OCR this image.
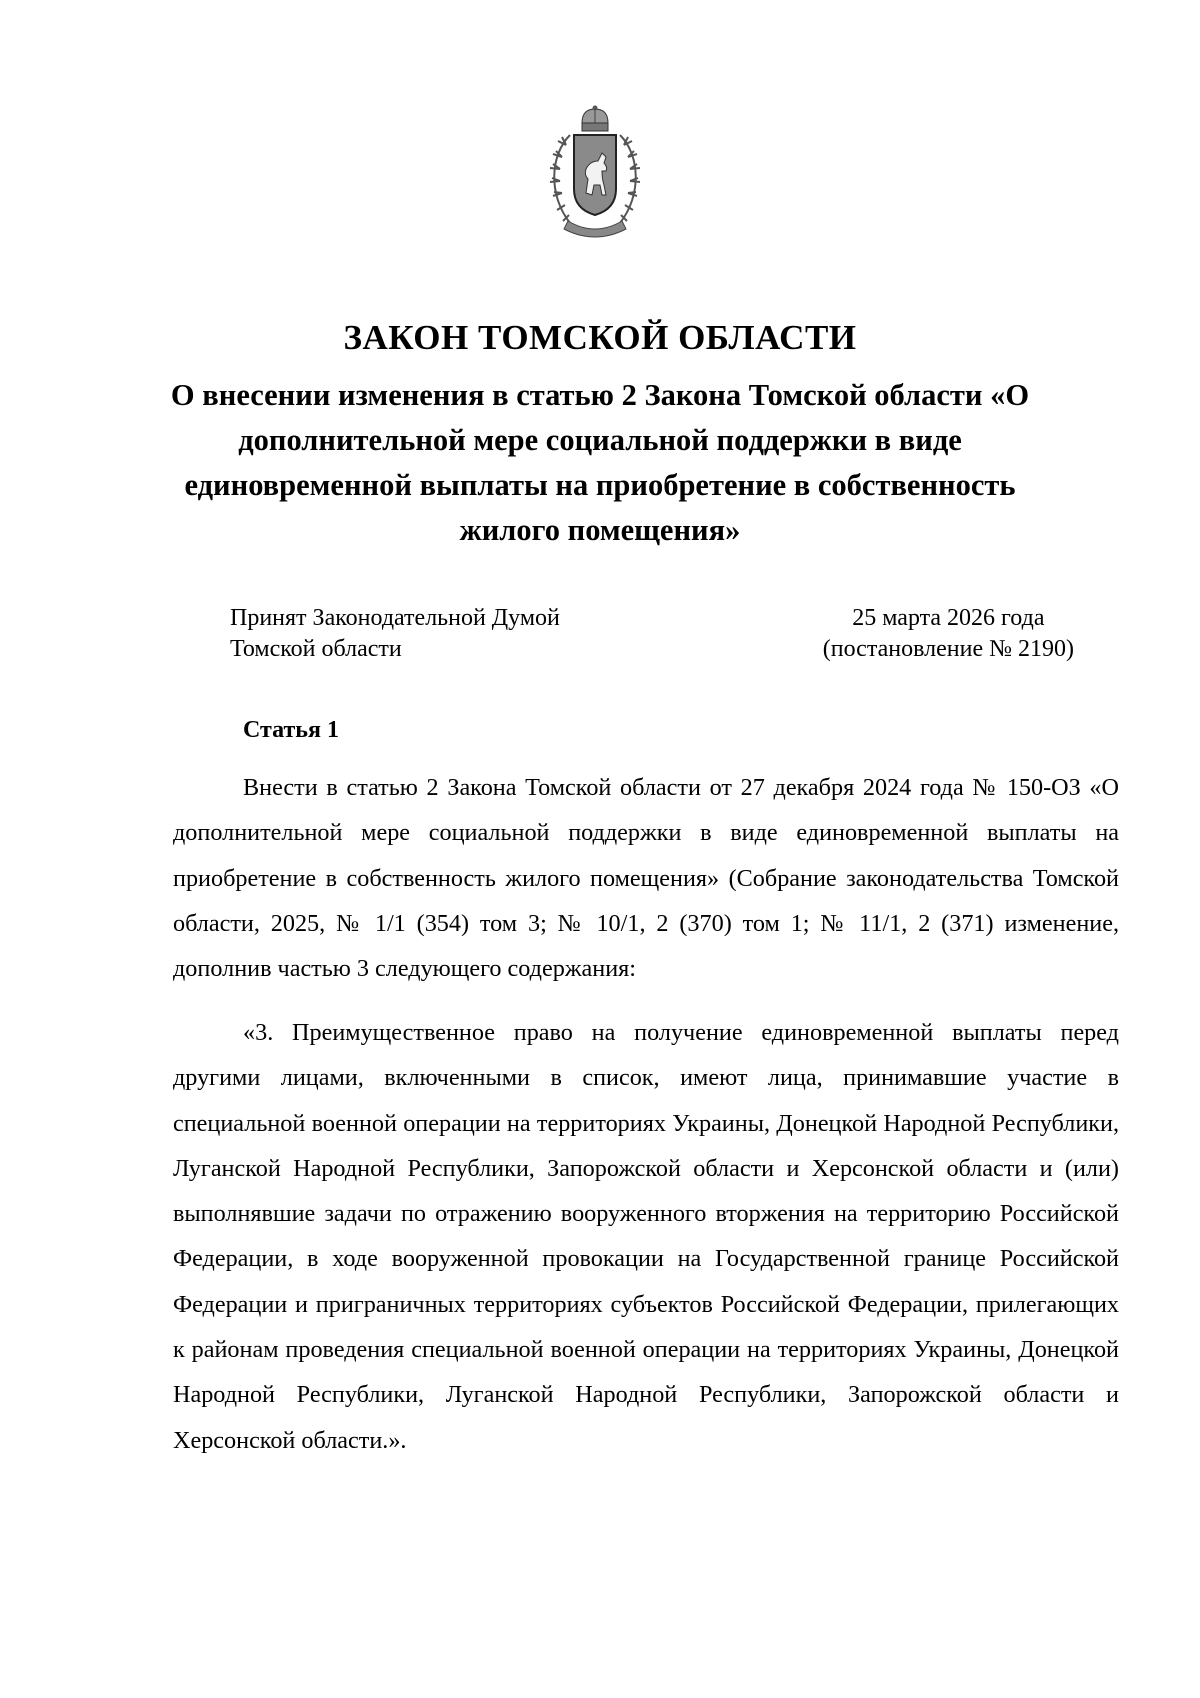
ЗАКОН ТОМСКОЙ ОБЛАСТИ
О внесении изменения в статью 2 Закона Томской области «О дополнительной мере социальной поддержки в виде единовременной выплаты на приобретение в собственность жилого помещения»
Принят Законодательной Думой
Томской области
25 марта 2026 года
(постановление № 2190)
Статья 1

Внести в статью 2 Закона Томской области от 27 декабря 2024 года № 150-ОЗ «О дополнительной мере социальной поддержки в виде единовременной выплаты на приобретение в собственность жилого помещения» (Собрание законодательства Томской области, 2025, № 1/1 (354) том 3; № 10/1, 2 (370) том 1; № 11/1, 2 (371) изменение, дополнив частью 3 следующего содержания:

«3. Преимущественное право на получение единовременной выплаты перед другими лицами, включенными в список, имеют лица, принимавшие участие в специальной военной операции на территориях Украины, Донецкой Народной Республики, Луганской Народной Республики, Запорожской области и Херсонской области и (или) выполнявшие задачи по отражению вооруженного вторжения на территорию Российской Федерации, в ходе вооруженной провокации на Государственной границе Российской Федерации и приграничных территориях субъектов Российской Федерации, прилегающих к районам проведения специальной военной операции на территориях Украины, Донецкой Народной Республики, Луганской Народной Республики, Запорожской области и Херсонской области.».
